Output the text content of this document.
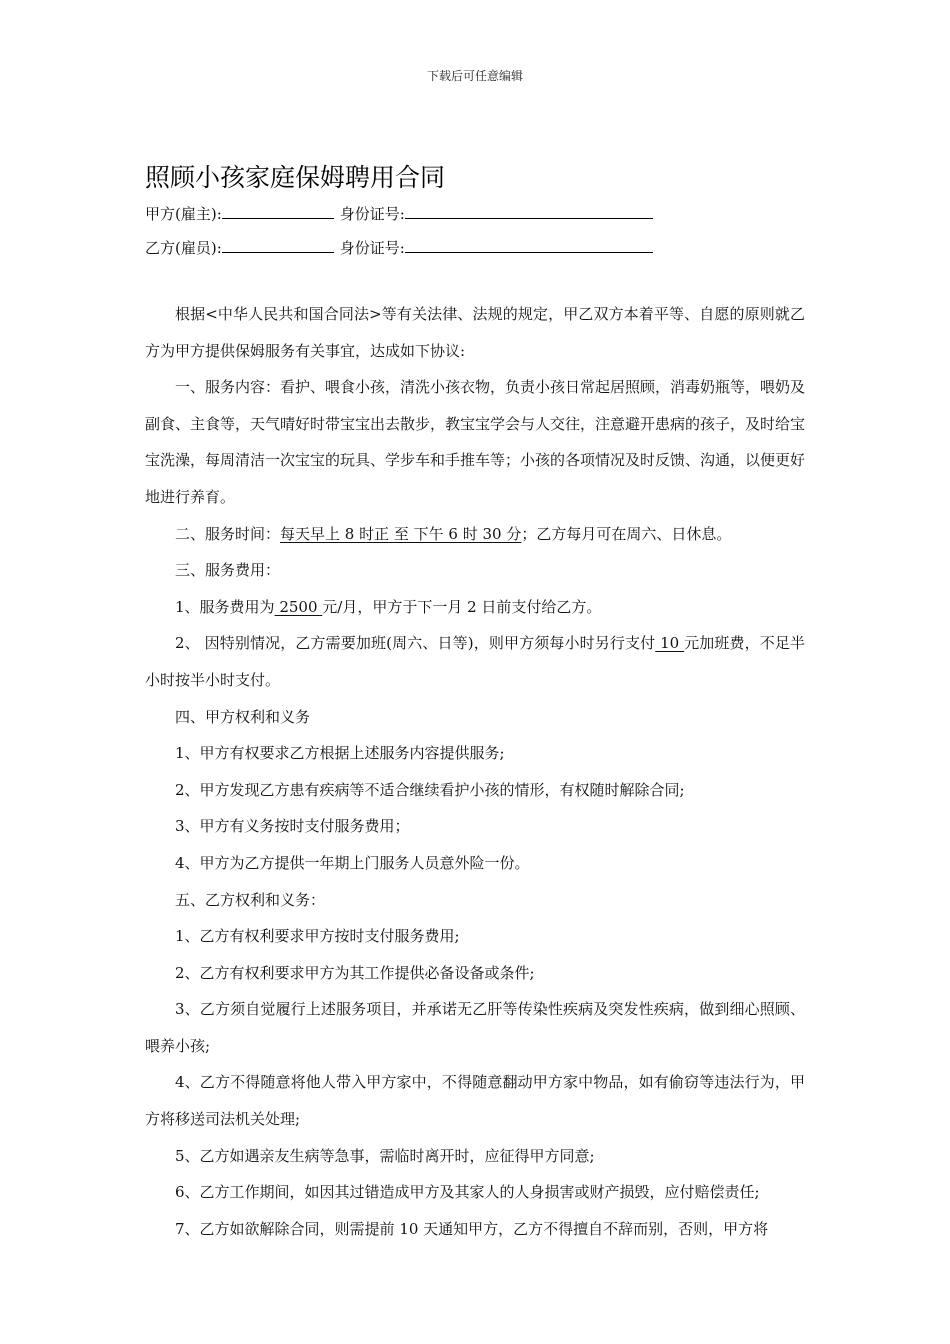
下载后可任意编辑
照顾小孩家庭保姆聘用合同
甲方(雇主):	身份证号:
乙方(雇员):	身份证号:

根据<中华人民共和国合同法>等有关法律、法规的规定，甲乙双方本着平等、自愿的原则就乙方为甲方提供保姆服务有关事宜，达成如下协议:

一、服务内容：看护、喂食小孩，清洗小孩衣物，负责小孩日常起居照顾，消毒奶瓶等，喂奶及副食、主食等，天气晴好时带宝宝出去散步，教宝宝学会与人交往，注意避开患病的孩子，及时给宝宝洗澡，每周清洁一次宝宝的玩具、学步车和手推车等；小孩的各项情况及时反馈、沟通，以便更好地进行养育。

二、服务时间：每天早上 8 时正 至 下午 6 时 30 分；乙方每月可在周六、日休息。

三、服务费用：

1、服务费用为 2500 元/月，甲方于下一月 2 日前支付给乙方。

2、 因特别情况，乙方需要加班(周六、日等)，则甲方须每小时另行支付 10 元加班费，不足半小时按半小时支付。

四、甲方权利和义务

1、甲方有权要求乙方根据上述服务内容提供服务;

2、甲方发现乙方患有疾病等不适合继续看护小孩的情形，有权随时解除合同;

3、甲方有义务按时支付服务费用；

4、甲方为乙方提供一年期上门服务人员意外险一份。

五、乙方权利和义务：

1、乙方有权利要求甲方按时支付服务费用;

2、乙方有权利要求甲方为其工作提供必备设备或条件;

3、乙方须自觉履行上述服务项目，并承诺无乙肝等传染性疾病及突发性疾病，做到细心照顾、喂养小孩;

4、乙方不得随意将他人带入甲方家中，不得随意翻动甲方家中物品，如有偷窃等违法行为，甲方将移送司法机关处理;

5、乙方如遇亲友生病等急事，需临时离开时，应征得甲方同意;

6、乙方工作期间，如因其过错造成甲方及其家人的人身损害或财产损毁，应付赔偿责任;

7、乙方如欲解除合同，则需提前 10 天通知甲方，乙方不得擅自不辞而别，否则，甲方将
